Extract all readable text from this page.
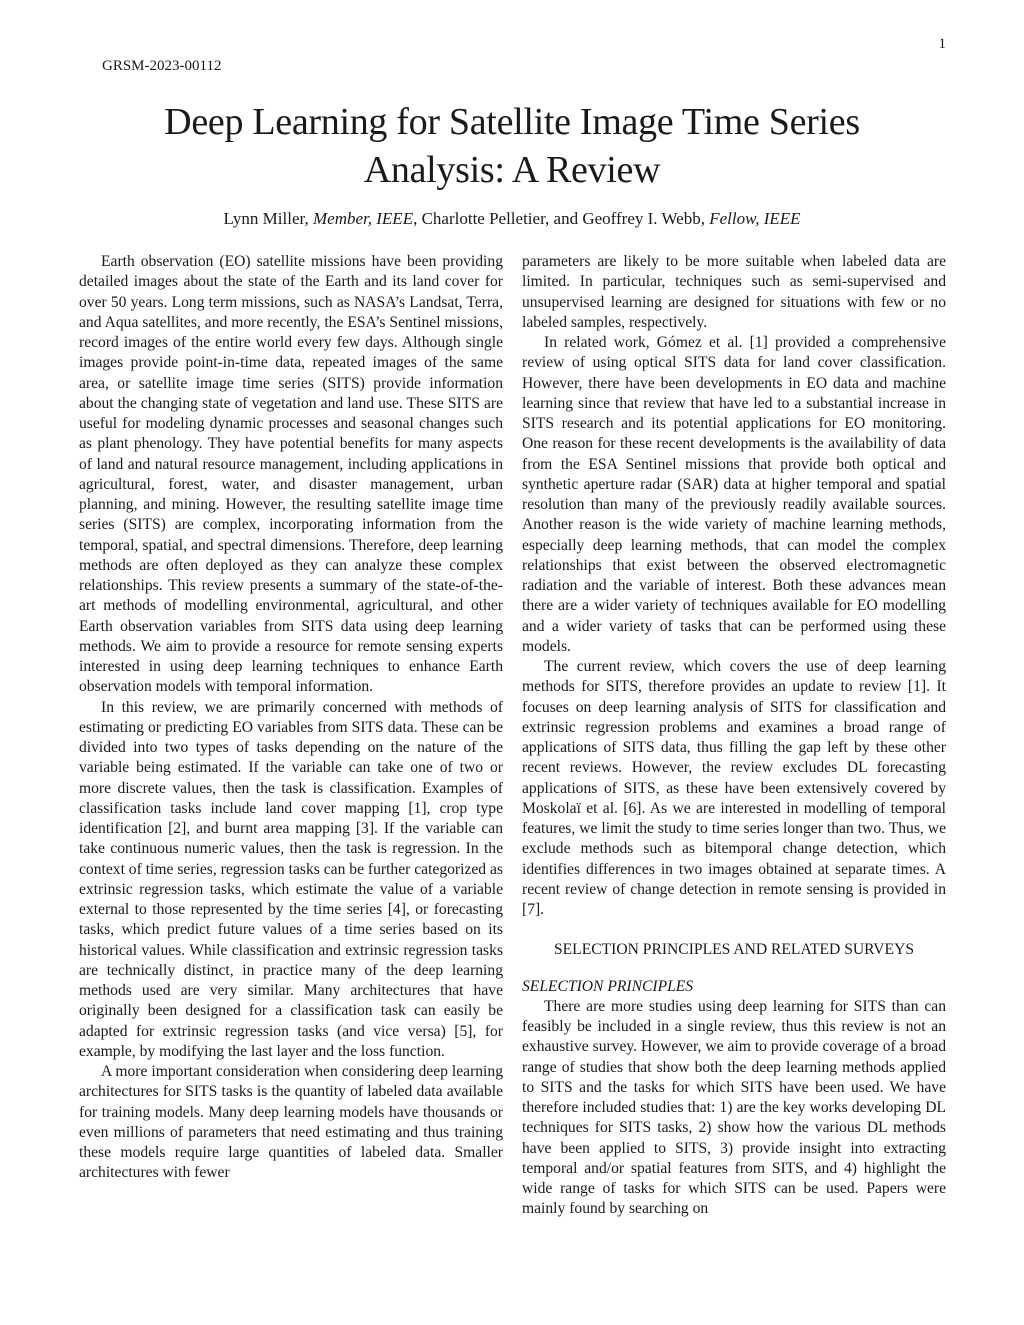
1
GRSM-2023-00112
Deep Learning for Satellite Image Time Series
Analysis: A Review
Lynn Miller, Member, IEEE, Charlotte Pelletier, and Geoffrey I. Webb, Fellow, IEEE

Earth observation (EO) satellite missions have been providing detailed images about the state of the Earth and its land cover for over 50 years. Long term missions, such as NASA’s Landsat, Terra, and Aqua satellites, and more recently, the ESA’s Sentinel missions, record images of the entire world every few days. Although single images provide point-in-time data, repeated images of the same area, or satellite image time series (SITS) provide information about the changing state of vegetation and land use. These SITS are useful for modeling dynamic processes and seasonal changes such as plant phenology. They have potential benefits for many aspects of land and natural resource management, including applications in agricultural, forest, water, and disaster management, urban planning, and mining. However, the resulting satellite image time series (SITS) are complex, incorporating information from the temporal, spatial, and spectral dimensions. Therefore, deep learning methods are often deployed as they can analyze these complex relationships. This review presents a summary of the state-of-the-art methods of modelling environmental, agricultural, and other Earth observation variables from SITS data using deep learning methods. We aim to provide a resource for remote sensing experts interested in using deep learning techniques to enhance Earth observation models with temporal information.

In this review, we are primarily concerned with methods of estimating or predicting EO variables from SITS data. These can be divided into two types of tasks depending on the nature of the variable being estimated. If the variable can take one of two or more discrete values, then the task is classification. Examples of classification tasks include land cover mapping [1], crop type identification [2], and burnt area mapping [3]. If the variable can take continuous numeric values, then the task is regression. In the context of time series, regression tasks can be further categorized as extrinsic regression tasks, which estimate the value of a variable external to those represented by the time series [4], or forecasting tasks, which predict future values of a time series based on its historical values. While classification and extrinsic regression tasks are technically distinct, in practice many of the deep learning methods used are very similar. Many architectures that have originally been designed for a classification task can easily be adapted for extrinsic regression tasks (and vice versa) [5], for example, by modifying the last layer and the loss function.

A more important consideration when considering deep learning architectures for SITS tasks is the quantity of labeled data available for training models. Many deep learning models have thousands or even millions of parameters that need estimating and thus training these models require large quantities of labeled data. Smaller architectures with fewer

parameters are likely to be more suitable when labeled data are limited. In particular, techniques such as semi-supervised and unsupervised learning are designed for situations with few or no labeled samples, respectively.

In related work, Gómez et al. [1] provided a comprehensive review of using optical SITS data for land cover classification. However, there have been developments in EO data and machine learning since that review that have led to a substantial increase in SITS research and its potential applications for EO monitoring. One reason for these recent developments is the availability of data from the ESA Sentinel missions that provide both optical and synthetic aperture radar (SAR) data at higher temporal and spatial resolution than many of the previously readily available sources. Another reason is the wide variety of machine learning methods, especially deep learning methods, that can model the complex relationships that exist between the observed electromagnetic radiation and the variable of interest. Both these advances mean there are a wider variety of techniques available for EO modelling and a wider variety of tasks that can be performed using these models.

The current review, which covers the use of deep learning methods for SITS, therefore provides an update to review [1]. It focuses on deep learning analysis of SITS for classification and extrinsic regression problems and examines a broad range of applications of SITS data, thus filling the gap left by these other recent reviews. However, the review excludes DL forecasting applications of SITS, as these have been extensively covered by Moskolaï et al. [6]. As we are interested in modelling of temporal features, we limit the study to time series longer than two. Thus, we exclude methods such as bitemporal change detection, which identifies differences in two images obtained at separate times. A recent review of change detection in remote sensing is provided in [7].

SELECTION PRINCIPLES AND RELATED SURVEYS
SELECTION PRINCIPLES

There are more studies using deep learning for SITS than can feasibly be included in a single review, thus this review is not an exhaustive survey. However, we aim to provide coverage of a broad range of studies that show both the deep learning methods applied to SITS and the tasks for which SITS have been used. We have therefore included studies that: 1) are the key works developing DL techniques for SITS tasks, 2) show how the various DL methods have been applied to SITS, 3) provide insight into extracting temporal and/or spatial features from SITS, and 4) highlight the wide range of tasks for which SITS can be used. Papers were mainly found by searching on
